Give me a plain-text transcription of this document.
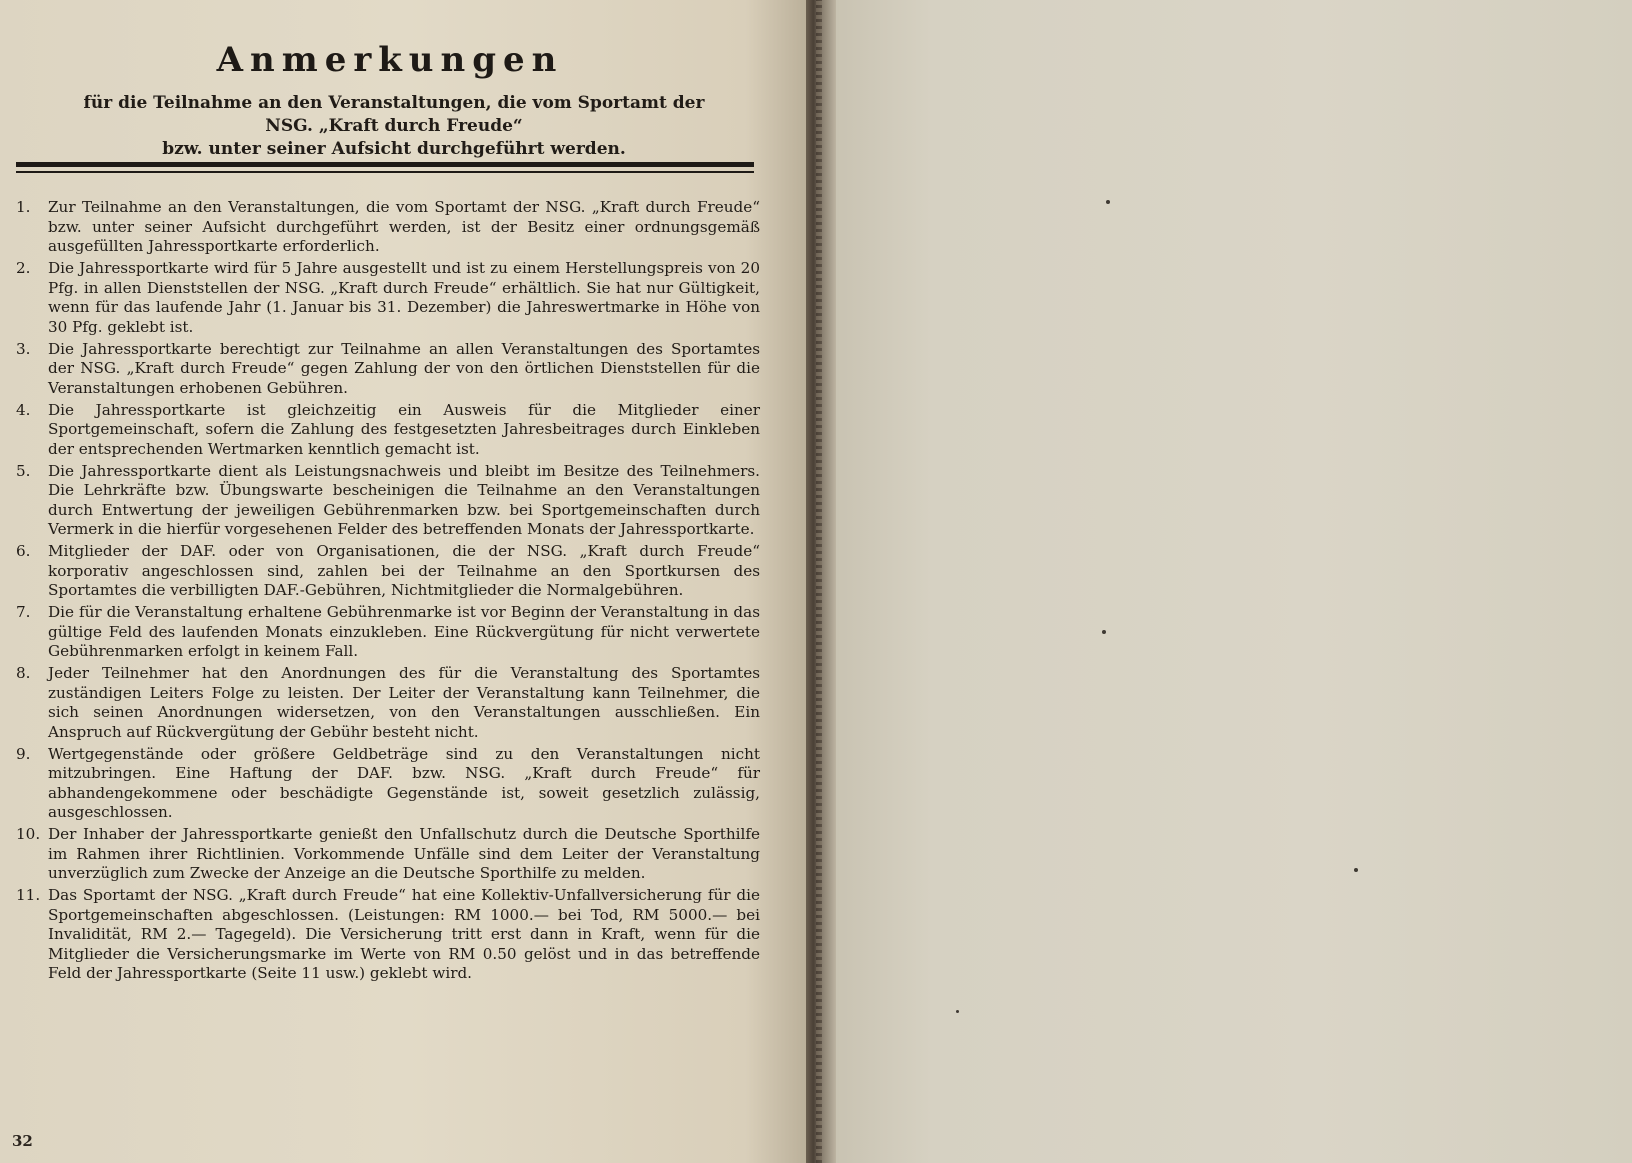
Anmerkungen
für die Teilnahme an den Veranstaltungen, die vom Sportamt der
NSG. „Kraft durch Freude“
bzw. unter seiner Aufsicht durchgeführt werden.
1.	Zur Teilnahme an den Veranstaltungen, die vom Sportamt der NSG. „Kraft durch Freude“ bzw. unter seiner Aufsicht durchgeführt werden, ist der Besitz einer ordnungsgemäß ausgefüllten Jahressportkarte erforderlich.
2.	Die Jahressportkarte wird für 5 Jahre ausgestellt und ist zu einem Herstellungspreis von 20 Pfg. in allen Dienststellen der NSG. „Kraft durch Freude“ erhältlich. Sie hat nur Gültigkeit, wenn für das laufende Jahr (1. Januar bis 31. Dezember) die Jahreswertmarke in Höhe von 30 Pfg. geklebt ist.
3.	Die Jahressportkarte berechtigt zur Teilnahme an allen Veranstaltungen des Sportamtes der NSG. „Kraft durch Freude“ gegen Zahlung der von den örtlichen Dienststellen für die Veranstaltungen erhobenen Gebühren.
4.	Die Jahressportkarte ist gleichzeitig ein Ausweis für die Mitglieder einer Sportgemeinschaft, sofern die Zahlung des festgesetzten Jahresbeitrages durch Einkleben der entsprechenden Wertmarken kenntlich gemacht ist.
5.	Die Jahressportkarte dient als Leistungsnachweis und bleibt im Besitze des Teilnehmers. Die Lehrkräfte bzw. Übungswarte bescheinigen die Teilnahme an den Veranstaltungen durch Entwertung der jeweiligen Gebührenmarken bzw. bei Sportgemeinschaften durch Vermerk in die hierfür vorgesehenen Felder des betreffenden Monats der Jahressportkarte.
6.	Mitglieder der DAF. oder von Organisationen, die der NSG. „Kraft durch Freude“ korporativ angeschlossen sind, zahlen bei der Teilnahme an den Sportkursen des Sportamtes die verbilligten DAF.-Gebühren, Nichtmitglieder die Normalgebühren.
7.	Die für die Veranstaltung erhaltene Gebührenmarke ist vor Beginn der Veranstaltung in das gültige Feld des laufenden Monats einzukleben. Eine Rückvergütung für nicht verwertete Gebührenmarken erfolgt in keinem Fall.
8.	Jeder Teilnehmer hat den Anordnungen des für die Veranstaltung des Sportamtes zuständigen Leiters Folge zu leisten. Der Leiter der Veranstaltung kann Teilnehmer, die sich seinen Anordnungen widersetzen, von den Veranstaltungen ausschließen. Ein Anspruch auf Rückvergütung der Gebühr besteht nicht.
9.	Wertgegenstände oder größere Geldbeträge sind zu den Veranstaltungen nicht mitzubringen. Eine Haftung der DAF. bzw. NSG. „Kraft durch Freude“ für abhandengekommene oder beschädigte Gegenstände ist, soweit gesetzlich zulässig, ausgeschlossen.
10. Der Inhaber der Jahressportkarte genießt den Unfallschutz durch die Deutsche Sporthilfe im Rahmen ihrer Richtlinien. Vorkommende Unfälle sind dem Leiter der Veranstaltung unverzüglich zum Zwecke der Anzeige an die Deutsche Sporthilfe zu melden.
11. Das Sportamt der NSG. „Kraft durch Freude“ hat eine Kollektiv-Unfallversicherung für die Sportgemeinschaften abgeschlossen. (Leistungen: RM 1000.— bei Tod, RM 5000.— bei Invalidität, RM 2.— Tagegeld). Die Versicherung tritt erst dann in Kraft, wenn für die Mitglieder die Versicherungsmarke im Werte von RM 0.50 gelöst und in das betreffende Feld der Jahressportkarte (Seite 11 usw.) geklebt wird.
32
